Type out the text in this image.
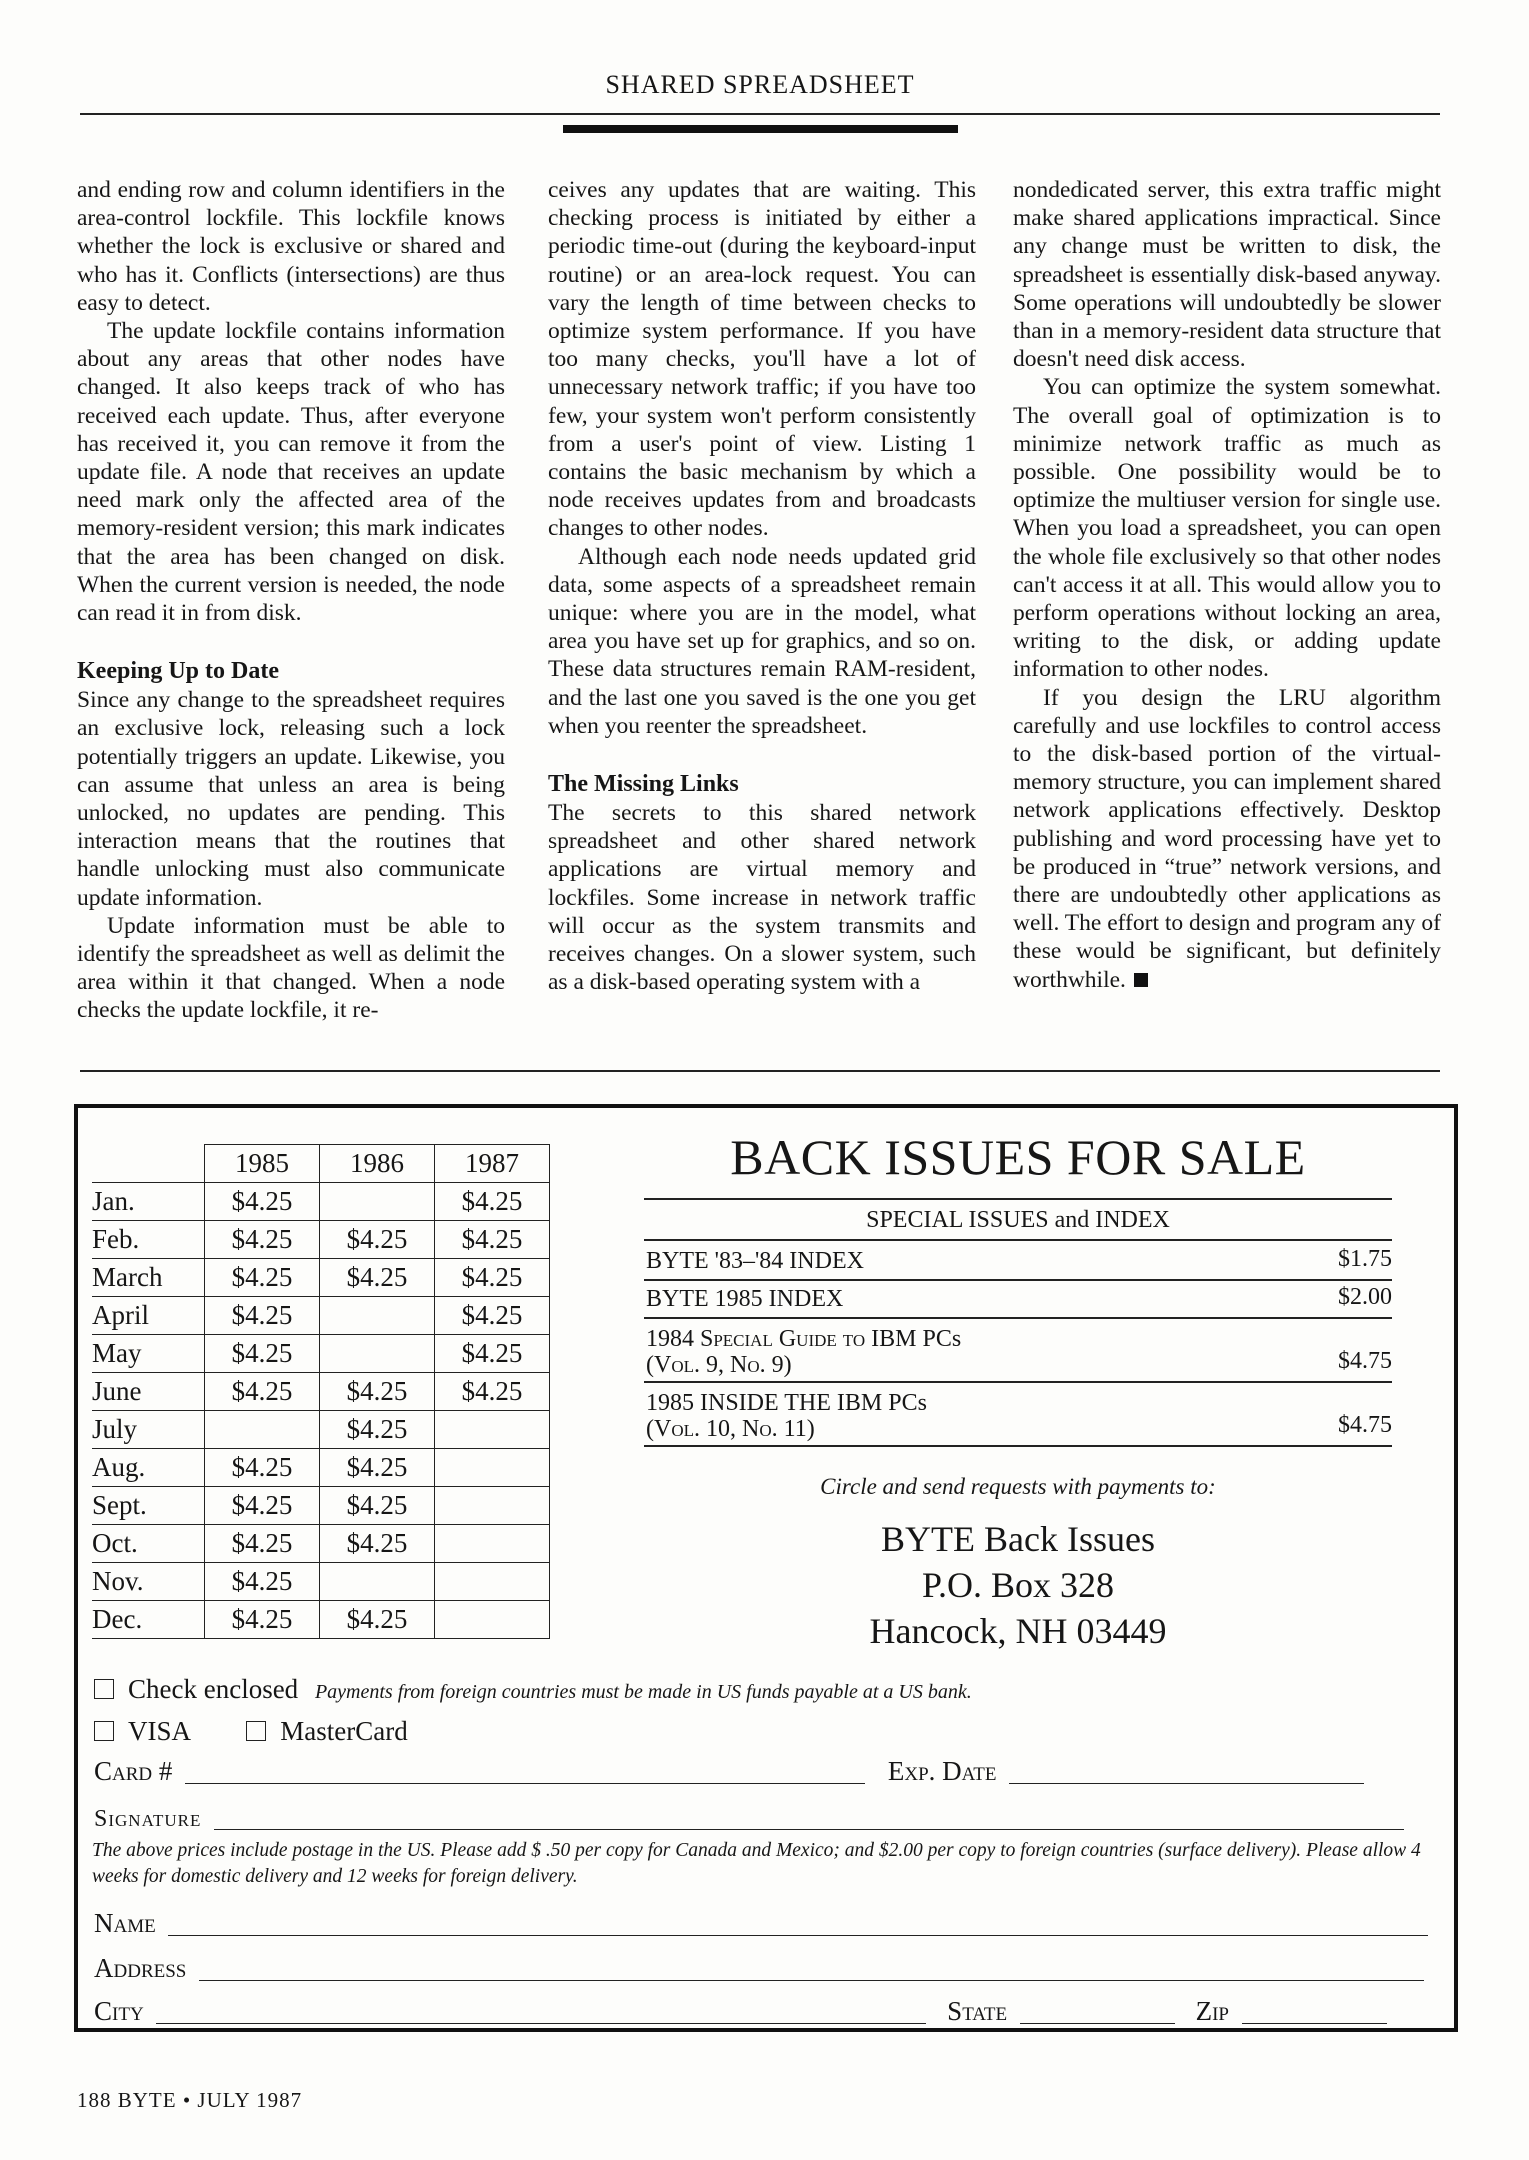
SHARED SPREADSHEET

and ending row and column identifiers in the area-control lockfile. This lockfile knows whether the lock is exclusive or shared and who has it. Conflicts (intersections) are thus easy to detect.

The update lockfile contains information about any areas that other nodes have changed. It also keeps track of who has received each update. Thus, after everyone has received it, you can remove it from the update file. A node that receives an update need mark only the affected area of the memory-resident version; this mark indicates that the area has been changed on disk. When the current version is needed, the node can read it in from disk.

Keeping Up to Date

Since any change to the spreadsheet requires an exclusive lock, releasing such a lock potentially triggers an update. Likewise, you can assume that unless an area is being unlocked, no updates are pending. This interaction means that the routines that handle unlocking must also communicate update information.

Update information must be able to identify the spreadsheet as well as delimit the area within it that changed. When a node checks the update lockfile, it re-

ceives any updates that are waiting. This checking process is initiated by either a periodic time-out (during the keyboard-input routine) or an area-lock request. You can vary the length of time between checks to optimize system performance. If you have too many checks, you'll have a lot of unnecessary network traffic; if you have too few, your system won't perform consistently from a user's point of view. Listing 1 contains the basic mechanism by which a node receives updates from and broadcasts changes to other nodes.

Although each node needs updated grid data, some aspects of a spreadsheet remain unique: where you are in the model, what area you have set up for graphics, and so on. These data structures remain RAM-resident, and the last one you saved is the one you get when you reenter the spreadsheet.

The Missing Links

The secrets to this shared network spreadsheet and other shared network applications are virtual memory and lockfiles. Some increase in network traffic will occur as the system transmits and receives changes. On a slower system, such as a disk-based operating system with a

nondedicated server, this extra traffic might make shared applications impractical. Since any change must be written to disk, the spreadsheet is essentially disk-based anyway. Some operations will undoubtedly be slower than in a memory-resident data structure that doesn't need disk access.

You can optimize the system somewhat. The overall goal of optimization is to minimize network traffic as much as possible. One possibility would be to optimize the multiuser version for single use. When you load a spreadsheet, you can open the whole file exclusively so that other nodes can't access it at all. This would allow you to perform operations without locking an area, writing to the disk, or adding update information to other nodes.

If you design the LRU algorithm carefully and use lockfiles to control access to the disk-based portion of the virtual-memory structure, you can implement shared network applications effectively. Desktop publishing and word processing have yet to be produced in “true” network versions, and there are undoubtedly other applications as well. The effort to design and program any of these would be significant, but definitely worthwhile.

	1985	1986	1987
Jan.	$4.25		$4.25
Feb.	$4.25	$4.25	$4.25
March	$4.25	$4.25	$4.25
April	$4.25		$4.25
May	$4.25		$4.25
June	$4.25	$4.25	$4.25
July		$4.25	
Aug.	$4.25	$4.25	
Sept.	$4.25	$4.25	
Oct.	$4.25	$4.25	
Nov.	$4.25		
Dec.	$4.25	$4.25	
BACK ISSUES FOR SALE
SPECIAL ISSUES and INDEX
BYTE '83–'84 INDEX	$1.75
BYTE 1985 INDEX	$2.00
1984 Special Guide to IBM PCs
(Vol. 9, No. 9)	$4.75
1985 INSIDE THE IBM PCs
(Vol. 10, No. 11)	$4.75
Circle and send requests with payments to:
BYTE Back Issues
P.O. Box 328
Hancock, NH 03449
Check enclosed Payments from foreign countries must be made in US funds payable at a US bank.
VISA	MasterCard
Card #	Exp. Date
Signature
The above prices include postage in the US. Please add $ .50 per copy for Canada and Mexico; and $2.00 per copy to foreign countries (surface delivery). Please allow 4 weeks for domestic delivery and 12 weeks for foreign delivery.
Name
Address
City	State	Zip
188 BYTE • JULY 1987
